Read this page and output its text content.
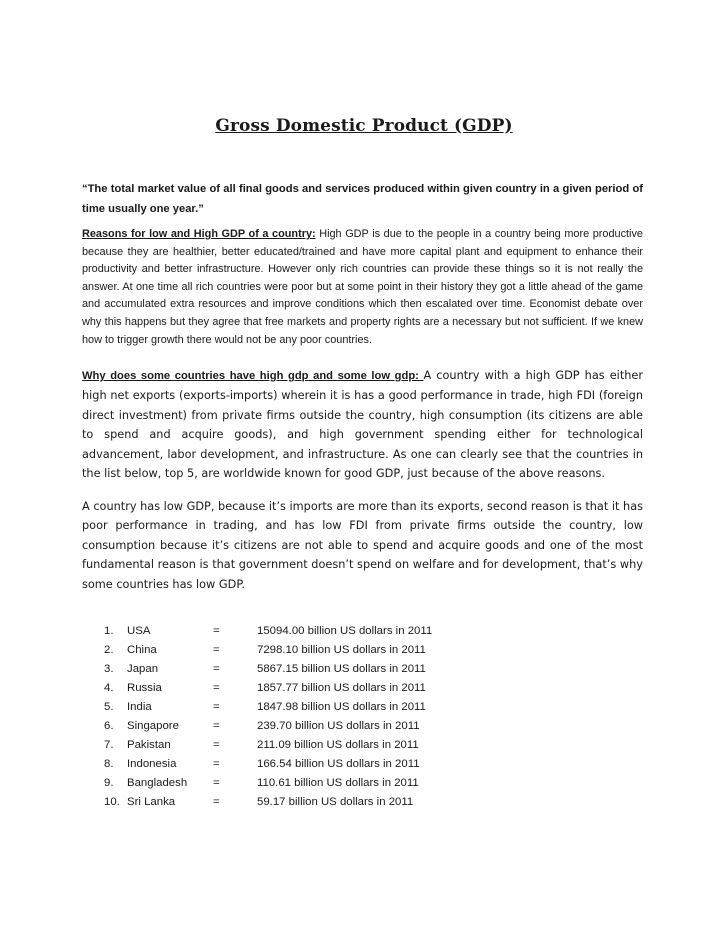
Gross Domestic Product (GDP)

“The total market value of all final goods and services produced within given country in a given period of time usually one year.”

Reasons for low and High GDP of a country: High GDP is due to the people in a country being more productive because they are healthier, better educated/trained and have more capital plant and equipment to enhance their productivity and better infrastructure. However only rich countries can provide these things so it is not really the answer. At one time all rich countries were poor but at some point in their history they got a little ahead of the game and accumulated extra resources and improve conditions which then escalated over time. Economist debate over why this happens but they agree that free markets and property rights are a necessary but not sufficient. If we knew how to trigger growth there would not be any poor countries.

Why does some countries have high gdp and some low gdp: A country with a high GDP has either high net exports (exports-imports) wherein it is has a good performance in trade, high FDI (foreign direct investment) from private firms outside the country, high consumption (its citizens are able to spend and acquire goods), and high government spending either for technological advancement, labor development, and infrastructure. As one can clearly see that the countries in the list below, top 5, are worldwide known for good GDP, just because of the above reasons.

A country has low GDP, because it’s imports are more than its exports, second reason is that it has poor performance in trading, and has low FDI from private firms outside the country, low consumption because it’s citizens are not able to spend and acquire goods and one of the most fundamental reason is that government doesn’t spend on welfare and for development, that’s why some countries has low GDP.

1. USA	=	15094.00 billion US dollars in 2011
2. China	=	7298.10 billion US dollars in 2011
3. Japan	=	5867.15 billion US dollars in 2011
4. Russia	=	1857.77 billion US dollars in 2011
5. India	=	1847.98 billion US dollars in 2011
6. Singapore	=	239.70 billion US dollars in 2011
7. Pakistan	=	211.09 billion US dollars in 2011
8. Indonesia	=	166.54 billion US dollars in 2011
9. Bangladesh =	110.61 billion US dollars in 2011
10. Sri Lanka	=	59.17 billion US dollars in 2011
